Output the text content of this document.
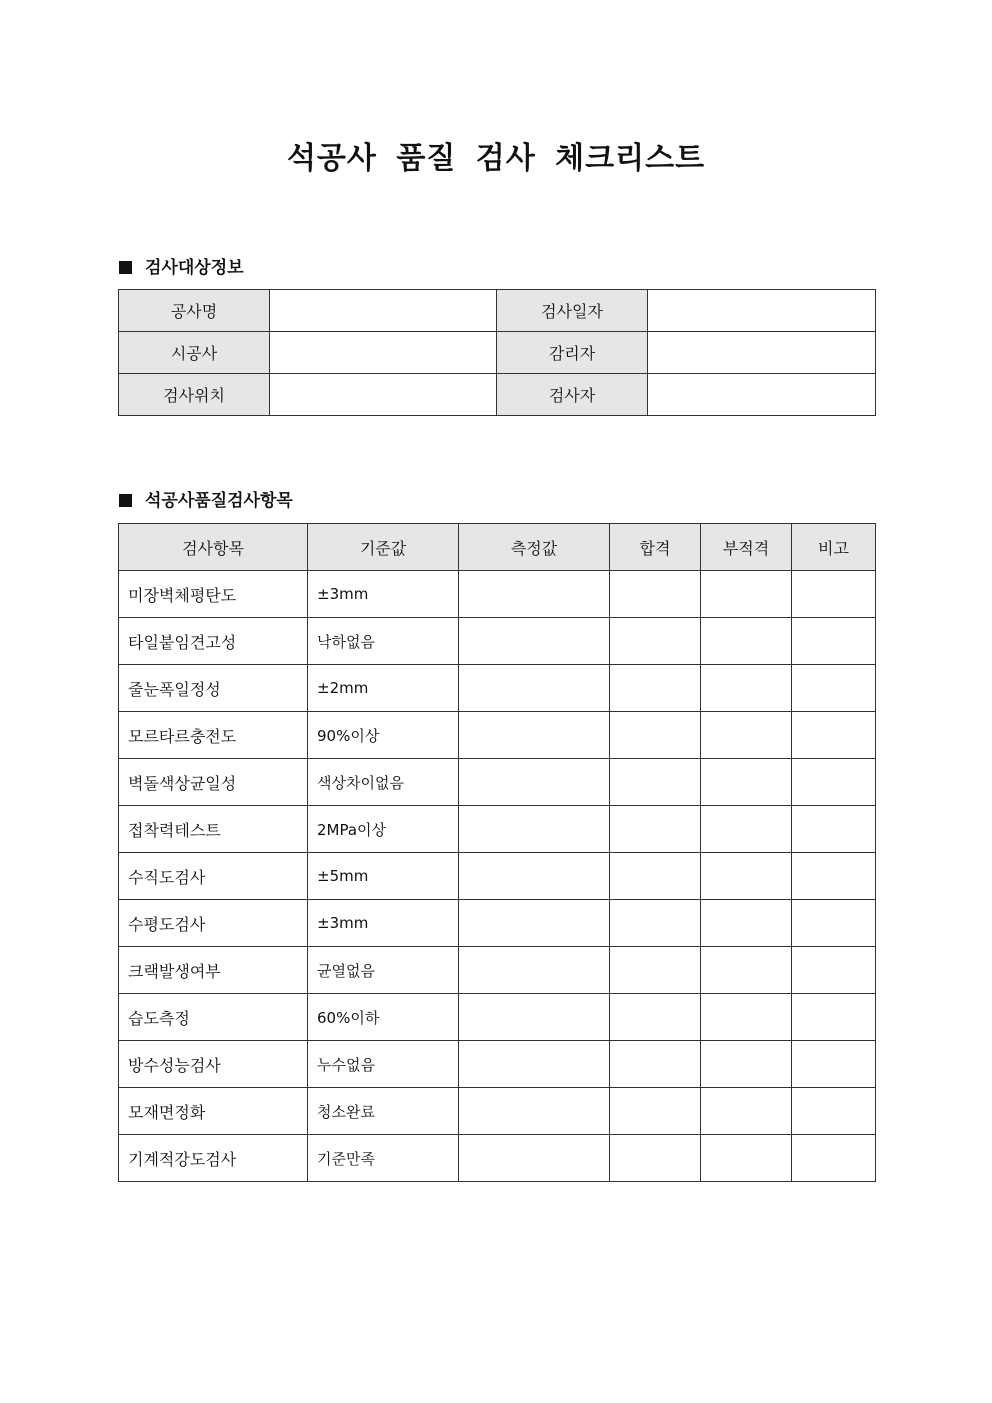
석공사 품질 검사 체크리스트
검사대상정보
공사명		검사일자	
시공사		감리자	
검사위치		검사자	
석공사품질검사항목
검사항목	기준값	측정값	합격	부적격	비고
미장벽체평탄도	±3mm				
타일붙임견고성	낙하없음				
줄눈폭일정성	±2mm				
모르타르충전도	90%이상				
벽돌색상균일성	색상차이없음				
접착력테스트	2MPa이상				
수직도검사	±5mm				
수평도검사	±3mm				
크랙발생여부	균열없음				
습도측정	60%이하				
방수성능검사	누수없음				
모재면정화	청소완료				
기계적강도검사	기준만족				
